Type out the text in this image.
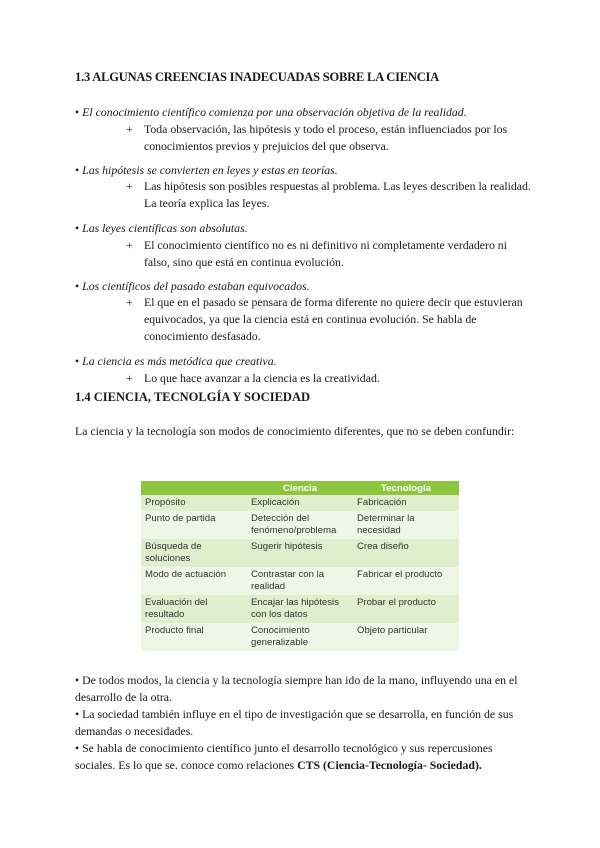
1.3 ALGUNAS CREENCIAS INADECUADAS SOBRE LA CIENCIA
• El conocimiento científico comienza por una observación objetiva de la realidad.
+ Toda observación, las hipótesis y todo el proceso, están influenciados por los conocimientos previos y prejuicios del que observa.
• Las hipótesis se convierten en leyes y estas en teorías.
+ Las hipótesis son posibles respuestas al problema. Las leyes describen la realidad. La teoría explica las leyes.
• Las leyes científicas son absolutas.
+ El conocimiento científico no es ni definitivo ni completamente verdadero ni falso, sino que está en continua evolución.
• Los científicos del pasado estaban equivocados.
+ El que en el pasado se pensara de forma diferente no quiere decir que estuvieran equivocados, ya que la ciencia está en continua evolución. Se habla de conocimiento desfasado.
• La ciencia es más metódica que creativa.
+ Lo que hace avanzar a la ciencia es la creatividad.
1.4 CIENCIA, TECNOLGÍA Y SOCIEDAD
La ciencia y la tecnología son modos de conocimiento diferentes, que no se deben confundir:
	Ciencia	Tecnología
Propósito	Explicación	Fabricación
Punto de partida	Detección del fenómeno/problema	Determinar la necesidad
Búsqueda de soluciones	Sugerir hipótesis	Crea diseño
Modo de actuación	Contrastar con la realidad	Fabricar el producto
Evaluación del resultado	Encajar las hipótesis con los datos	Probar el producto
Producto final	Conocimiento generalizable	Objeto particular
• De todos modos, la ciencia y la tecnología siempre han ido de la mano, influyendo una en el desarrollo de la otra.
• La sociedad también influye en el tipo de investigación que se desarrolla, en función de sus demandas o necesidades.
• Se habla de conocimiento científico junto el desarrollo tecnológico y sus repercusiones sociales. Es lo que se. conoce como relaciones CTS (Ciencia-Tecnología- Sociedad).
